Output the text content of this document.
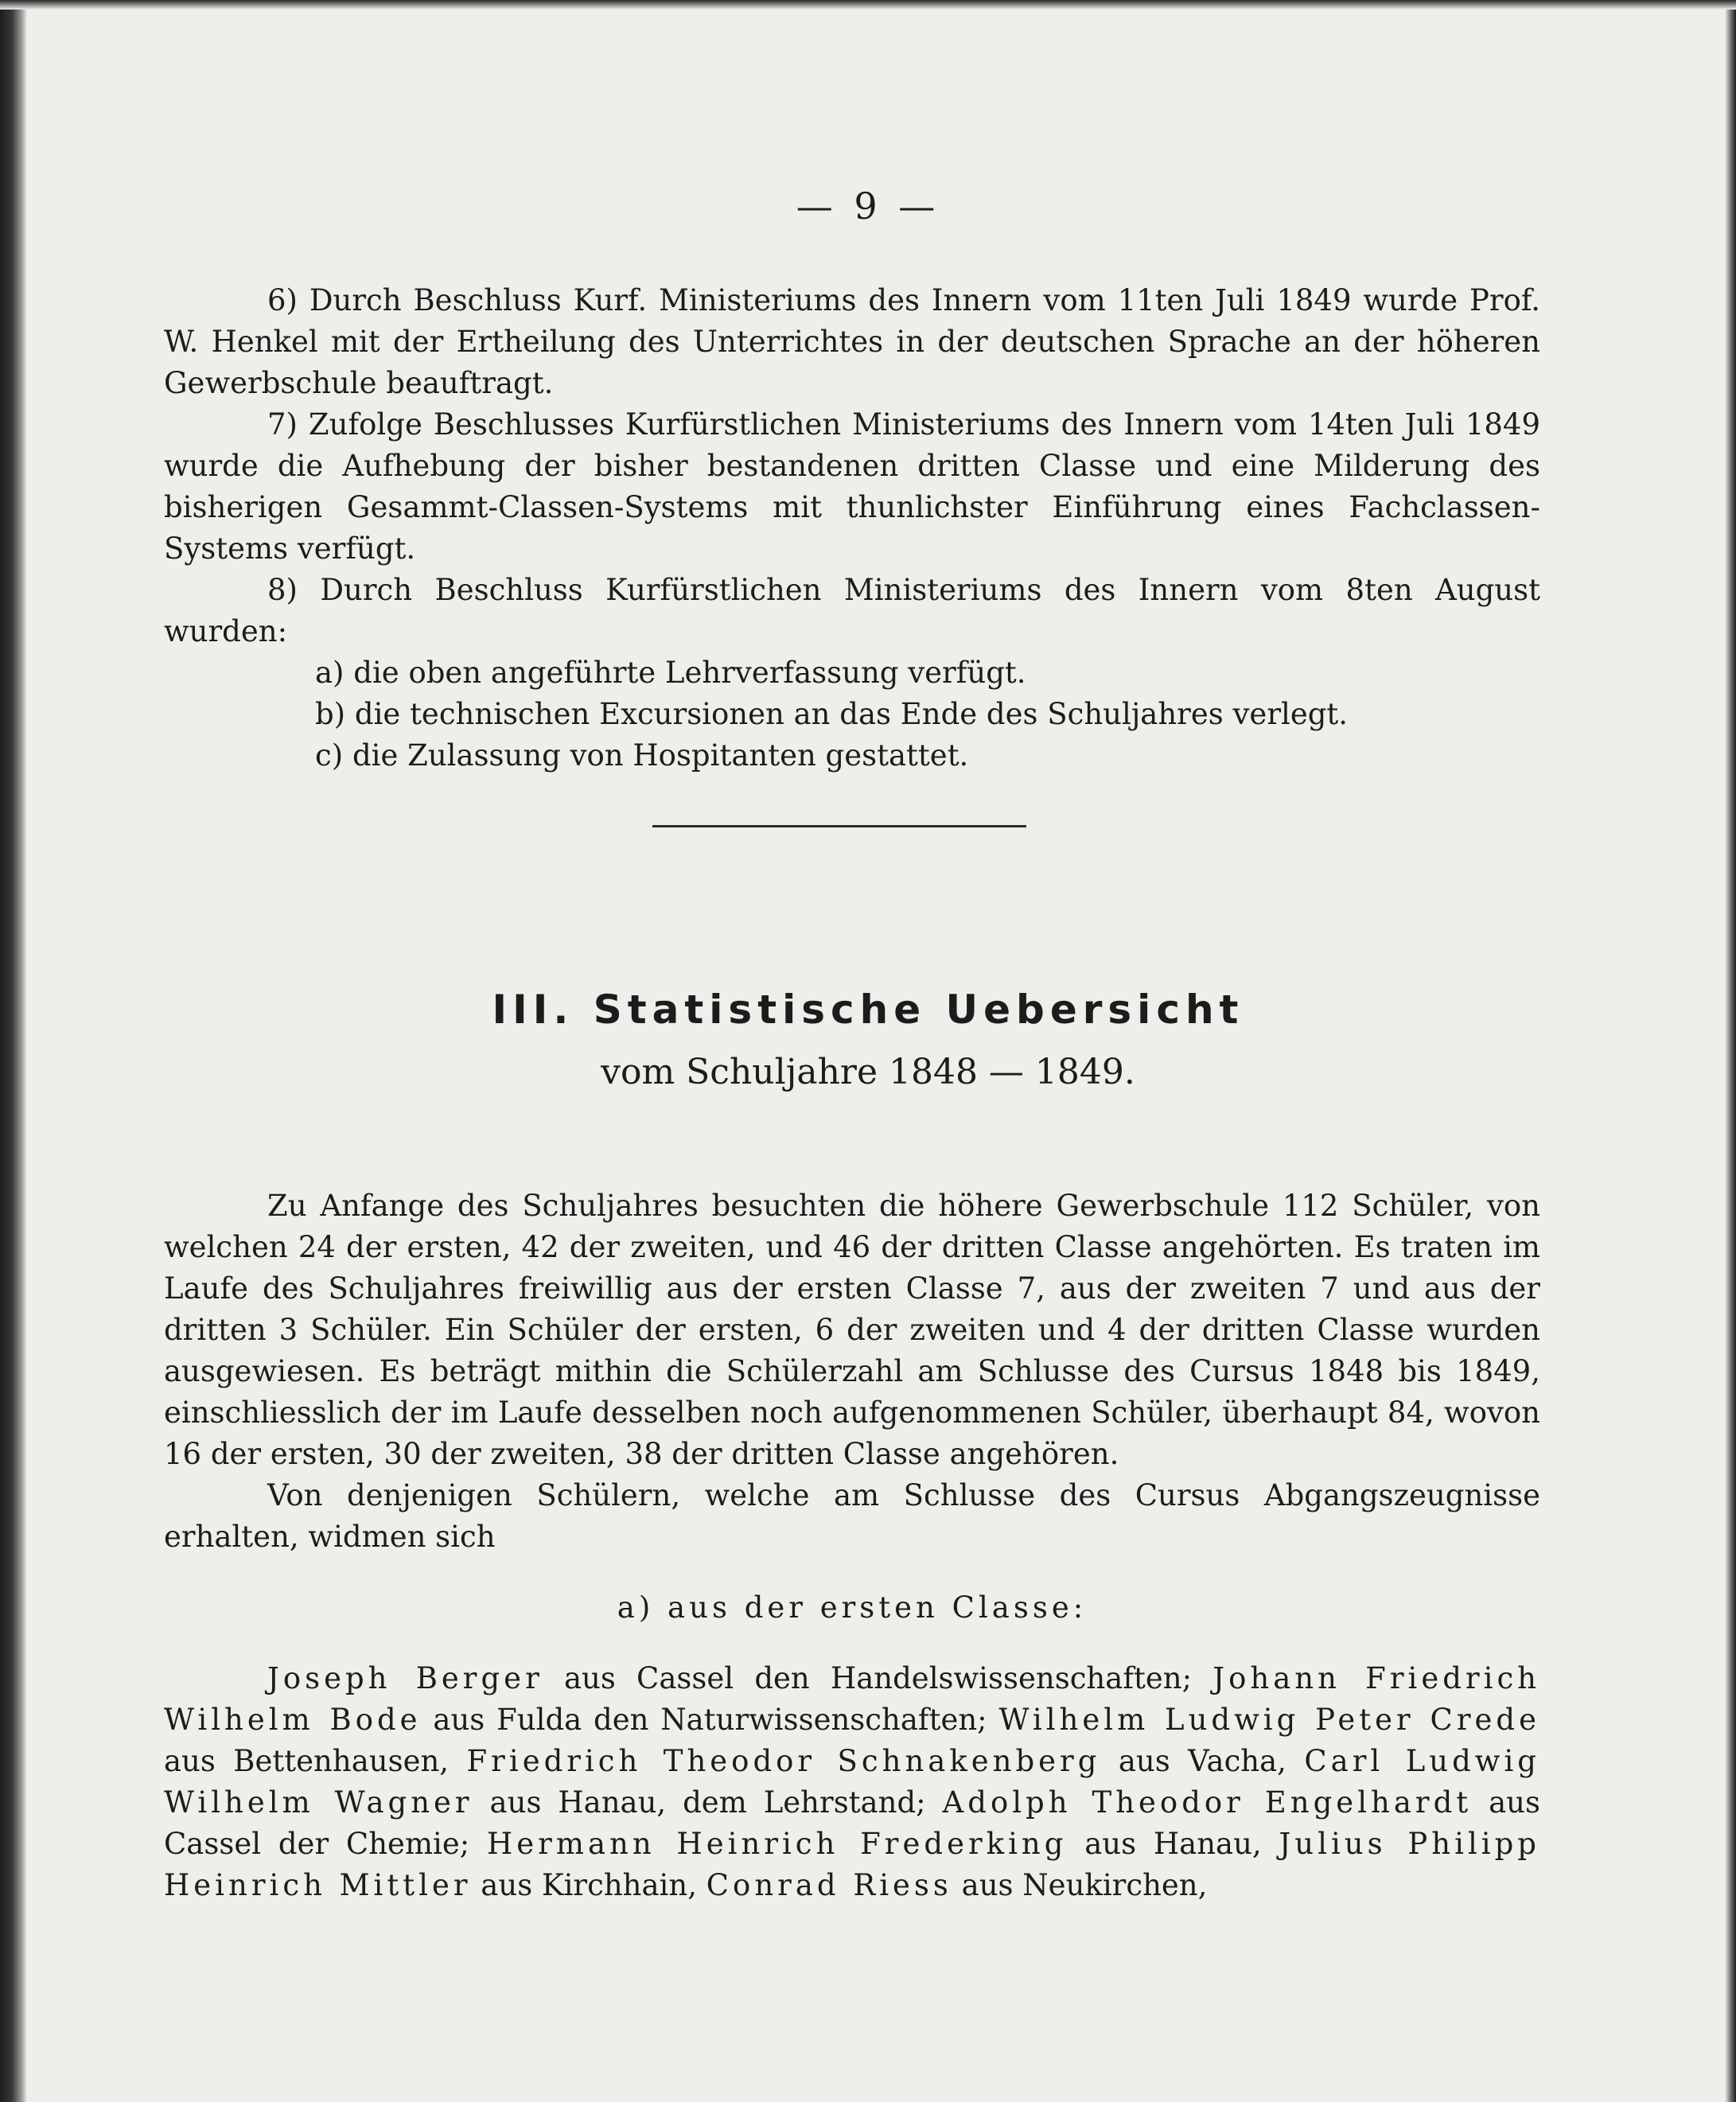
— 9 —

6) Durch Beschluss Kurf. Ministeriums des Innern vom 11ten Juli 1849 wurde Prof. W. Henkel mit der Ertheilung des Unterrichtes in der deutschen Sprache an der höheren Gewerbschule beauftragt.

7) Zufolge Beschlusses Kurfürstlichen Ministeriums des Innern vom 14ten Juli 1849 wurde die Aufhebung der bisher bestandenen dritten Classe und eine Milderung des bisherigen Gesammt-Classen-Systems mit thunlichster Einführung eines Fachclassen-Systems verfügt.

8) Durch Beschluss Kurfürstlichen Ministeriums des Innern vom 8ten August wurden:

a) die oben angeführte Lehrverfassung verfügt.

b) die technischen Excursionen an das Ende des Schuljahres verlegt.

c) die Zulassung von Hospitanten gestattet.

III. Statistische Uebersicht
vom Schuljahre 1848 — 1849.

Zu Anfange des Schuljahres besuchten die höhere Gewerbschule 112 Schüler, von welchen 24 der ersten, 42 der zweiten, und 46 der dritten Classe angehörten. Es traten im Laufe des Schuljahres freiwillig aus der ersten Classe 7, aus der zweiten 7 und aus der dritten 3 Schüler. Ein Schüler der ersten, 6 der zweiten und 4 der dritten Classe wurden ausgewiesen. Es beträgt mithin die Schülerzahl am Schlusse des Cursus 1848 bis 1849, einschliesslich der im Laufe desselben noch aufgenommenen Schüler, überhaupt 84, wovon 16 der ersten, 30 der zweiten, 38 der dritten Classe angehören.

Von denjenigen Schülern, welche am Schlusse des Cursus Abgangszeugnisse erhalten, widmen sich

a) aus der ersten Classe:

Joseph Berger aus Cassel den Handelswissenschaften; Johann Friedrich Wilhelm Bode aus Fulda den Naturwissenschaften; Wilhelm Ludwig Peter Crede aus Bettenhausen, Friedrich Theodor Schnakenberg aus Vacha, Carl Ludwig Wilhelm Wagner aus Hanau, dem Lehrstand; Adolph Theodor Engelhardt aus Cassel der Chemie; Hermann Heinrich Frederking aus Hanau, Julius Philipp Heinrich Mittler aus Kirchhain, Conrad Riess aus Neukirchen,
